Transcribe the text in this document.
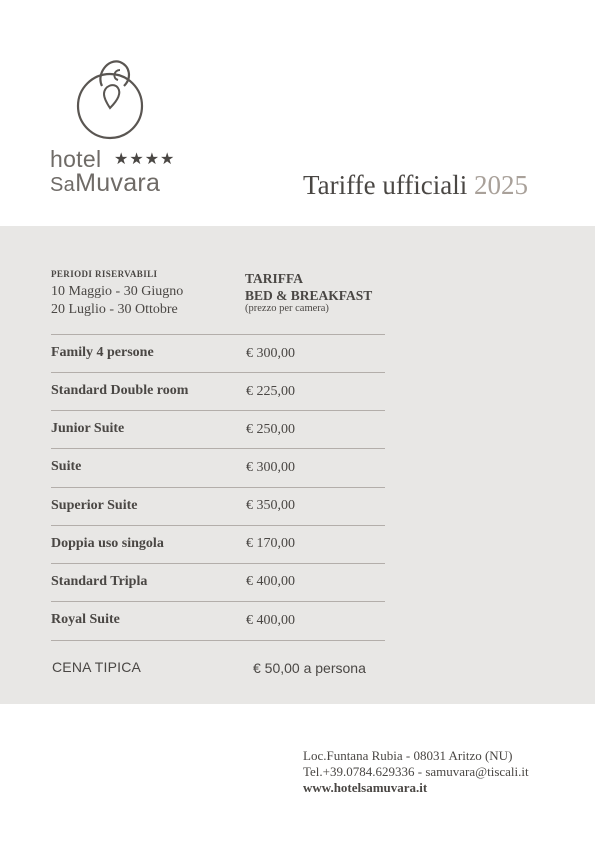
hotel ★★★★
SaMuvara	Tariffe ufficiali 2025
PERIODI RISERVABILI
10 Maggio - 30 Giugno
20 Luglio - 30 Ottobre
TARIFFA
BED & BREAKFAST
(prezzo per camera)
Family 4 persone	€ 300,00
Standard Double room	€ 225,00
Junior Suite	€ 250,00
Suite	€ 300,00
Superior Suite	€ 350,00
Doppia uso singola	€ 170,00
Standard Tripla	€ 400,00
Royal Suite	€ 400,00
CENA TIPICA	€ 50,00 a persona
Loc.Funtana Rubia - 08031 Aritzo (NU)
Tel.+39.0784.629336 - samuvara@tiscali.it
www.hotelsamuvara.it
